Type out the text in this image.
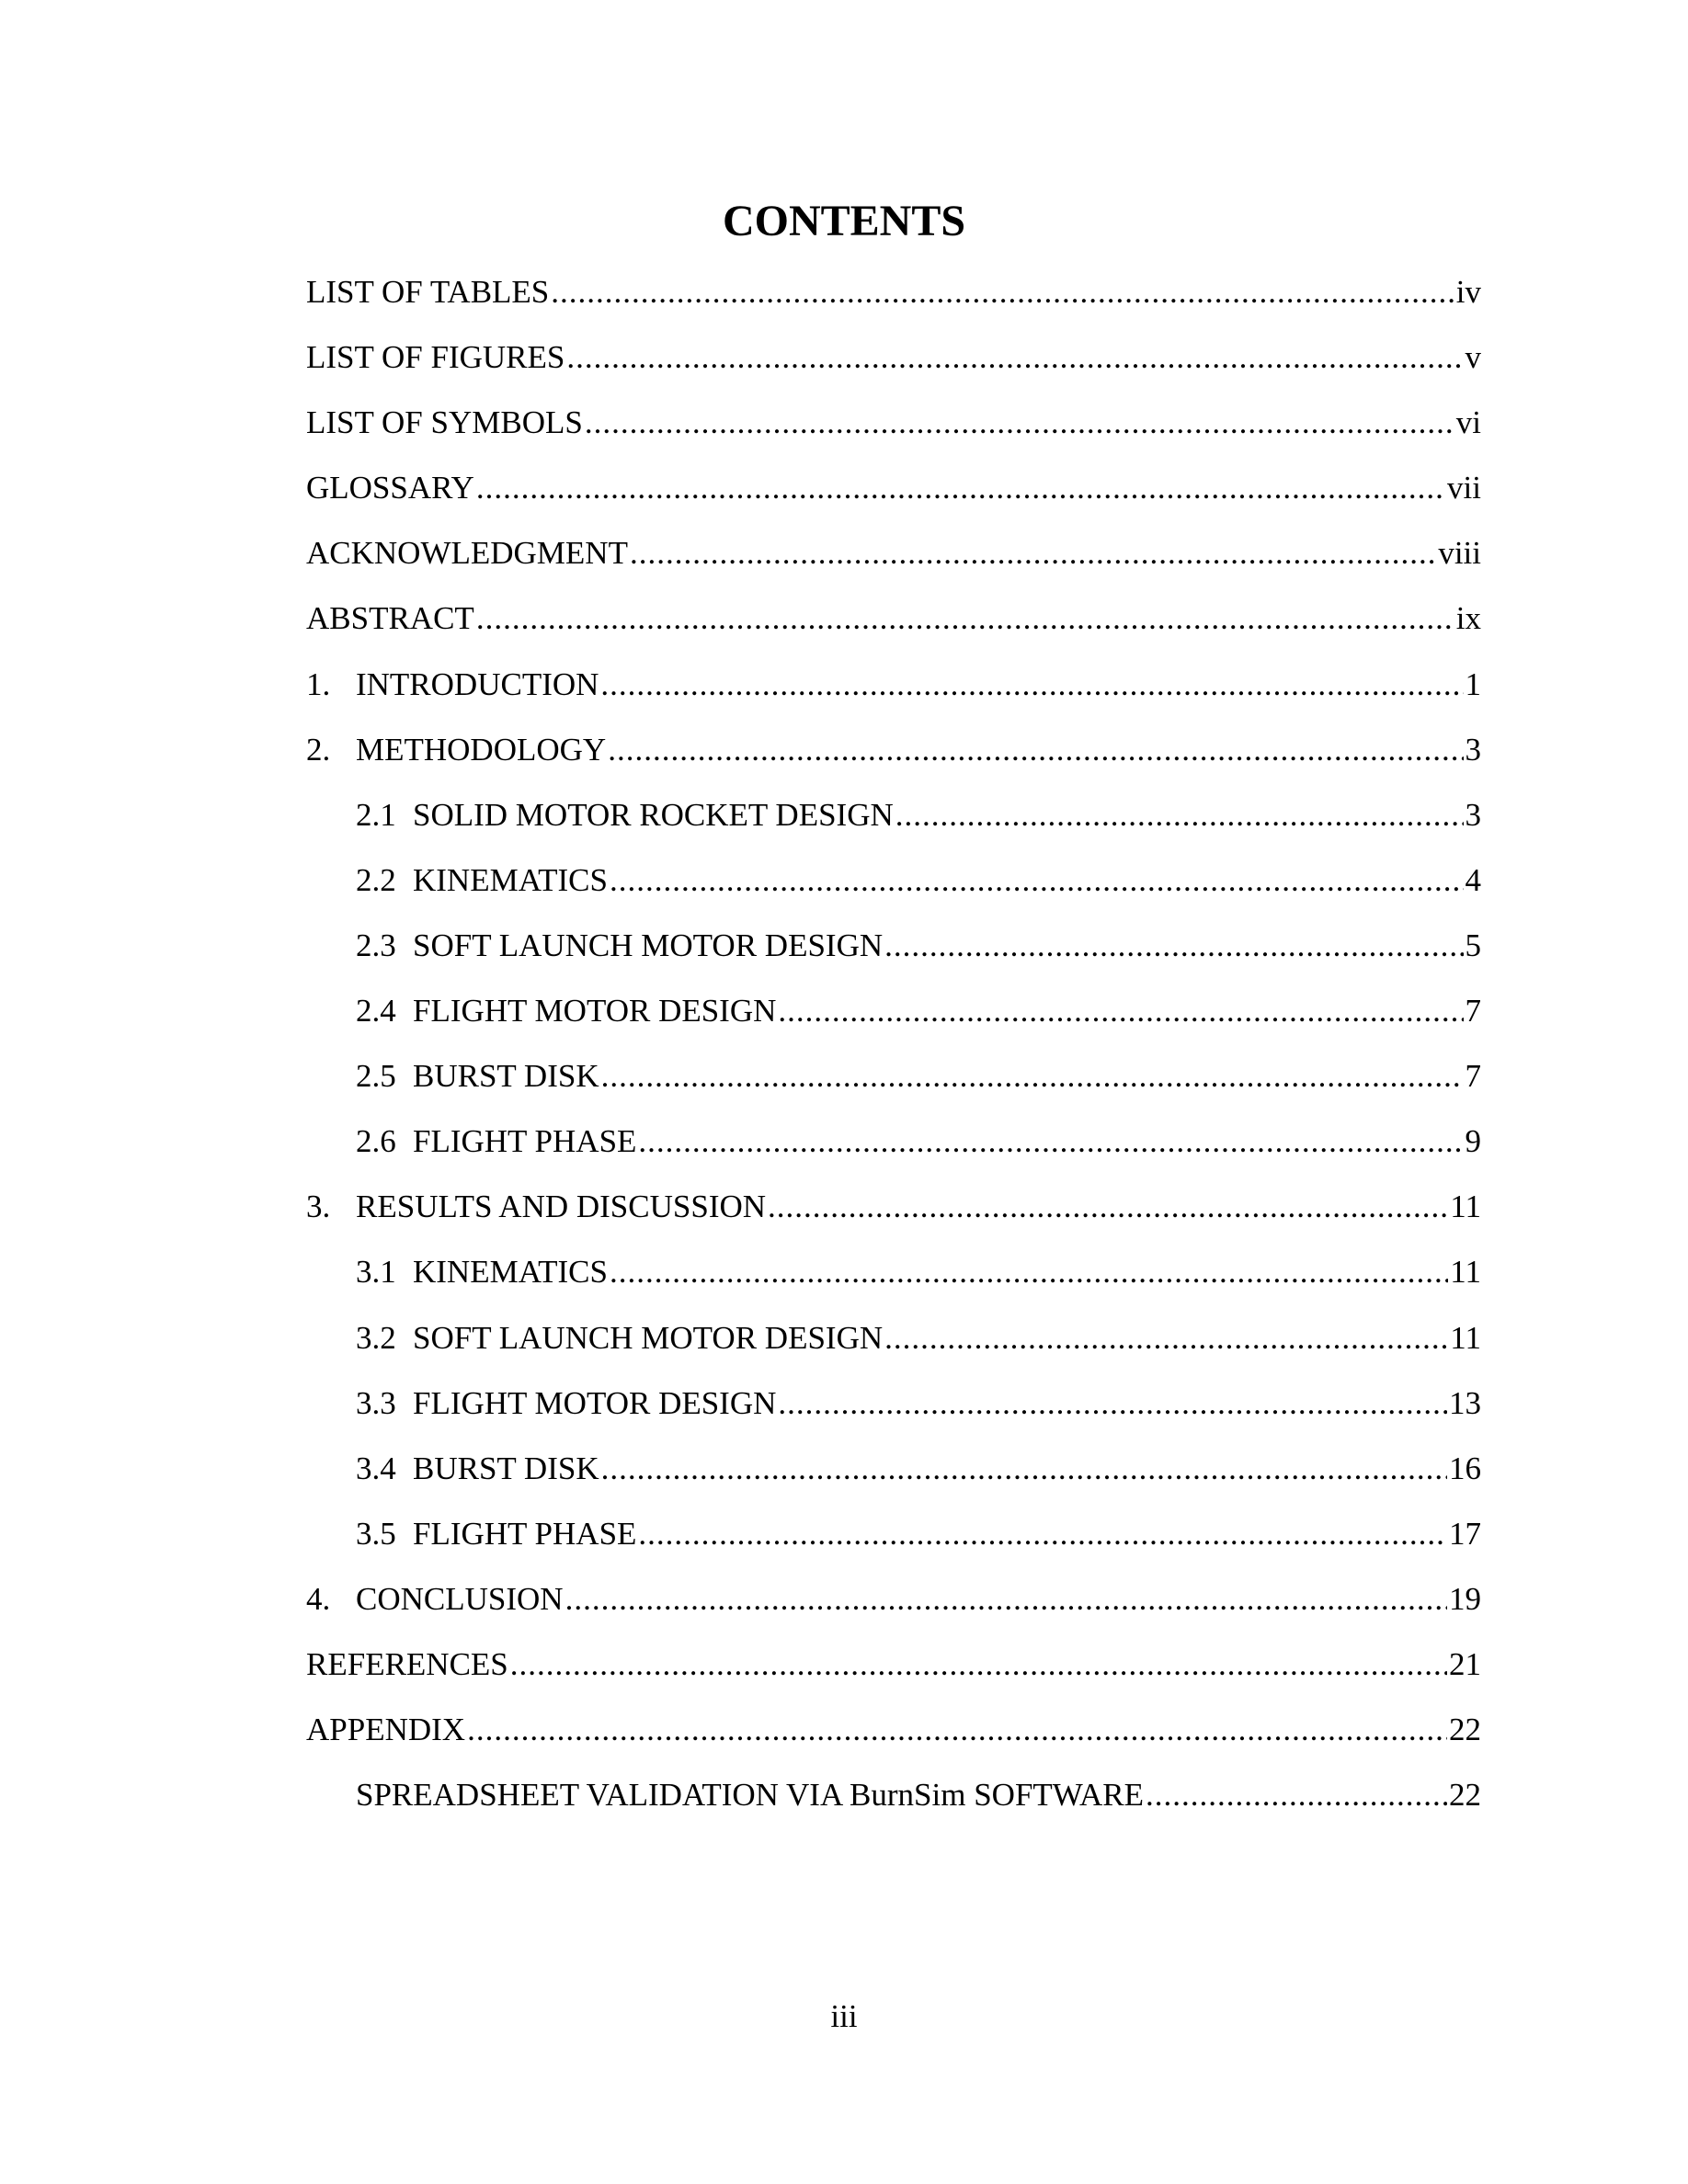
CONTENTS
LIST OF TABLES .....	iv
LIST OF FIGURES .....	v
LIST OF SYMBOLS .....	vi
GLOSSARY .....	vii
ACKNOWLEDGMENT .....	viii
ABSTRACT .....	ix
1. INTRODUCTION .....	1
2. METHODOLOGY .....	3
2.1 SOLID MOTOR ROCKET DESIGN .....	3
2.2 KINEMATICS .....	4
2.3 SOFT LAUNCH MOTOR DESIGN .....	5
2.4 FLIGHT MOTOR DESIGN .....	7
2.5 BURST DISK .....	7
2.6 FLIGHT PHASE .....	9
3. RESULTS AND DISCUSSION .....	11
3.1 KINEMATICS .....	11
3.2 SOFT LAUNCH MOTOR DESIGN .....	11
3.3 FLIGHT MOTOR DESIGN .....	13
3.4 BURST DISK .....	16
3.5 FLIGHT PHASE .....	17
4. CONCLUSION .....	19
REFERENCES .....	21
APPENDIX .....	22
SPREADSHEET VALIDATION VIA BurnSim SOFTWARE .....	22
iii
